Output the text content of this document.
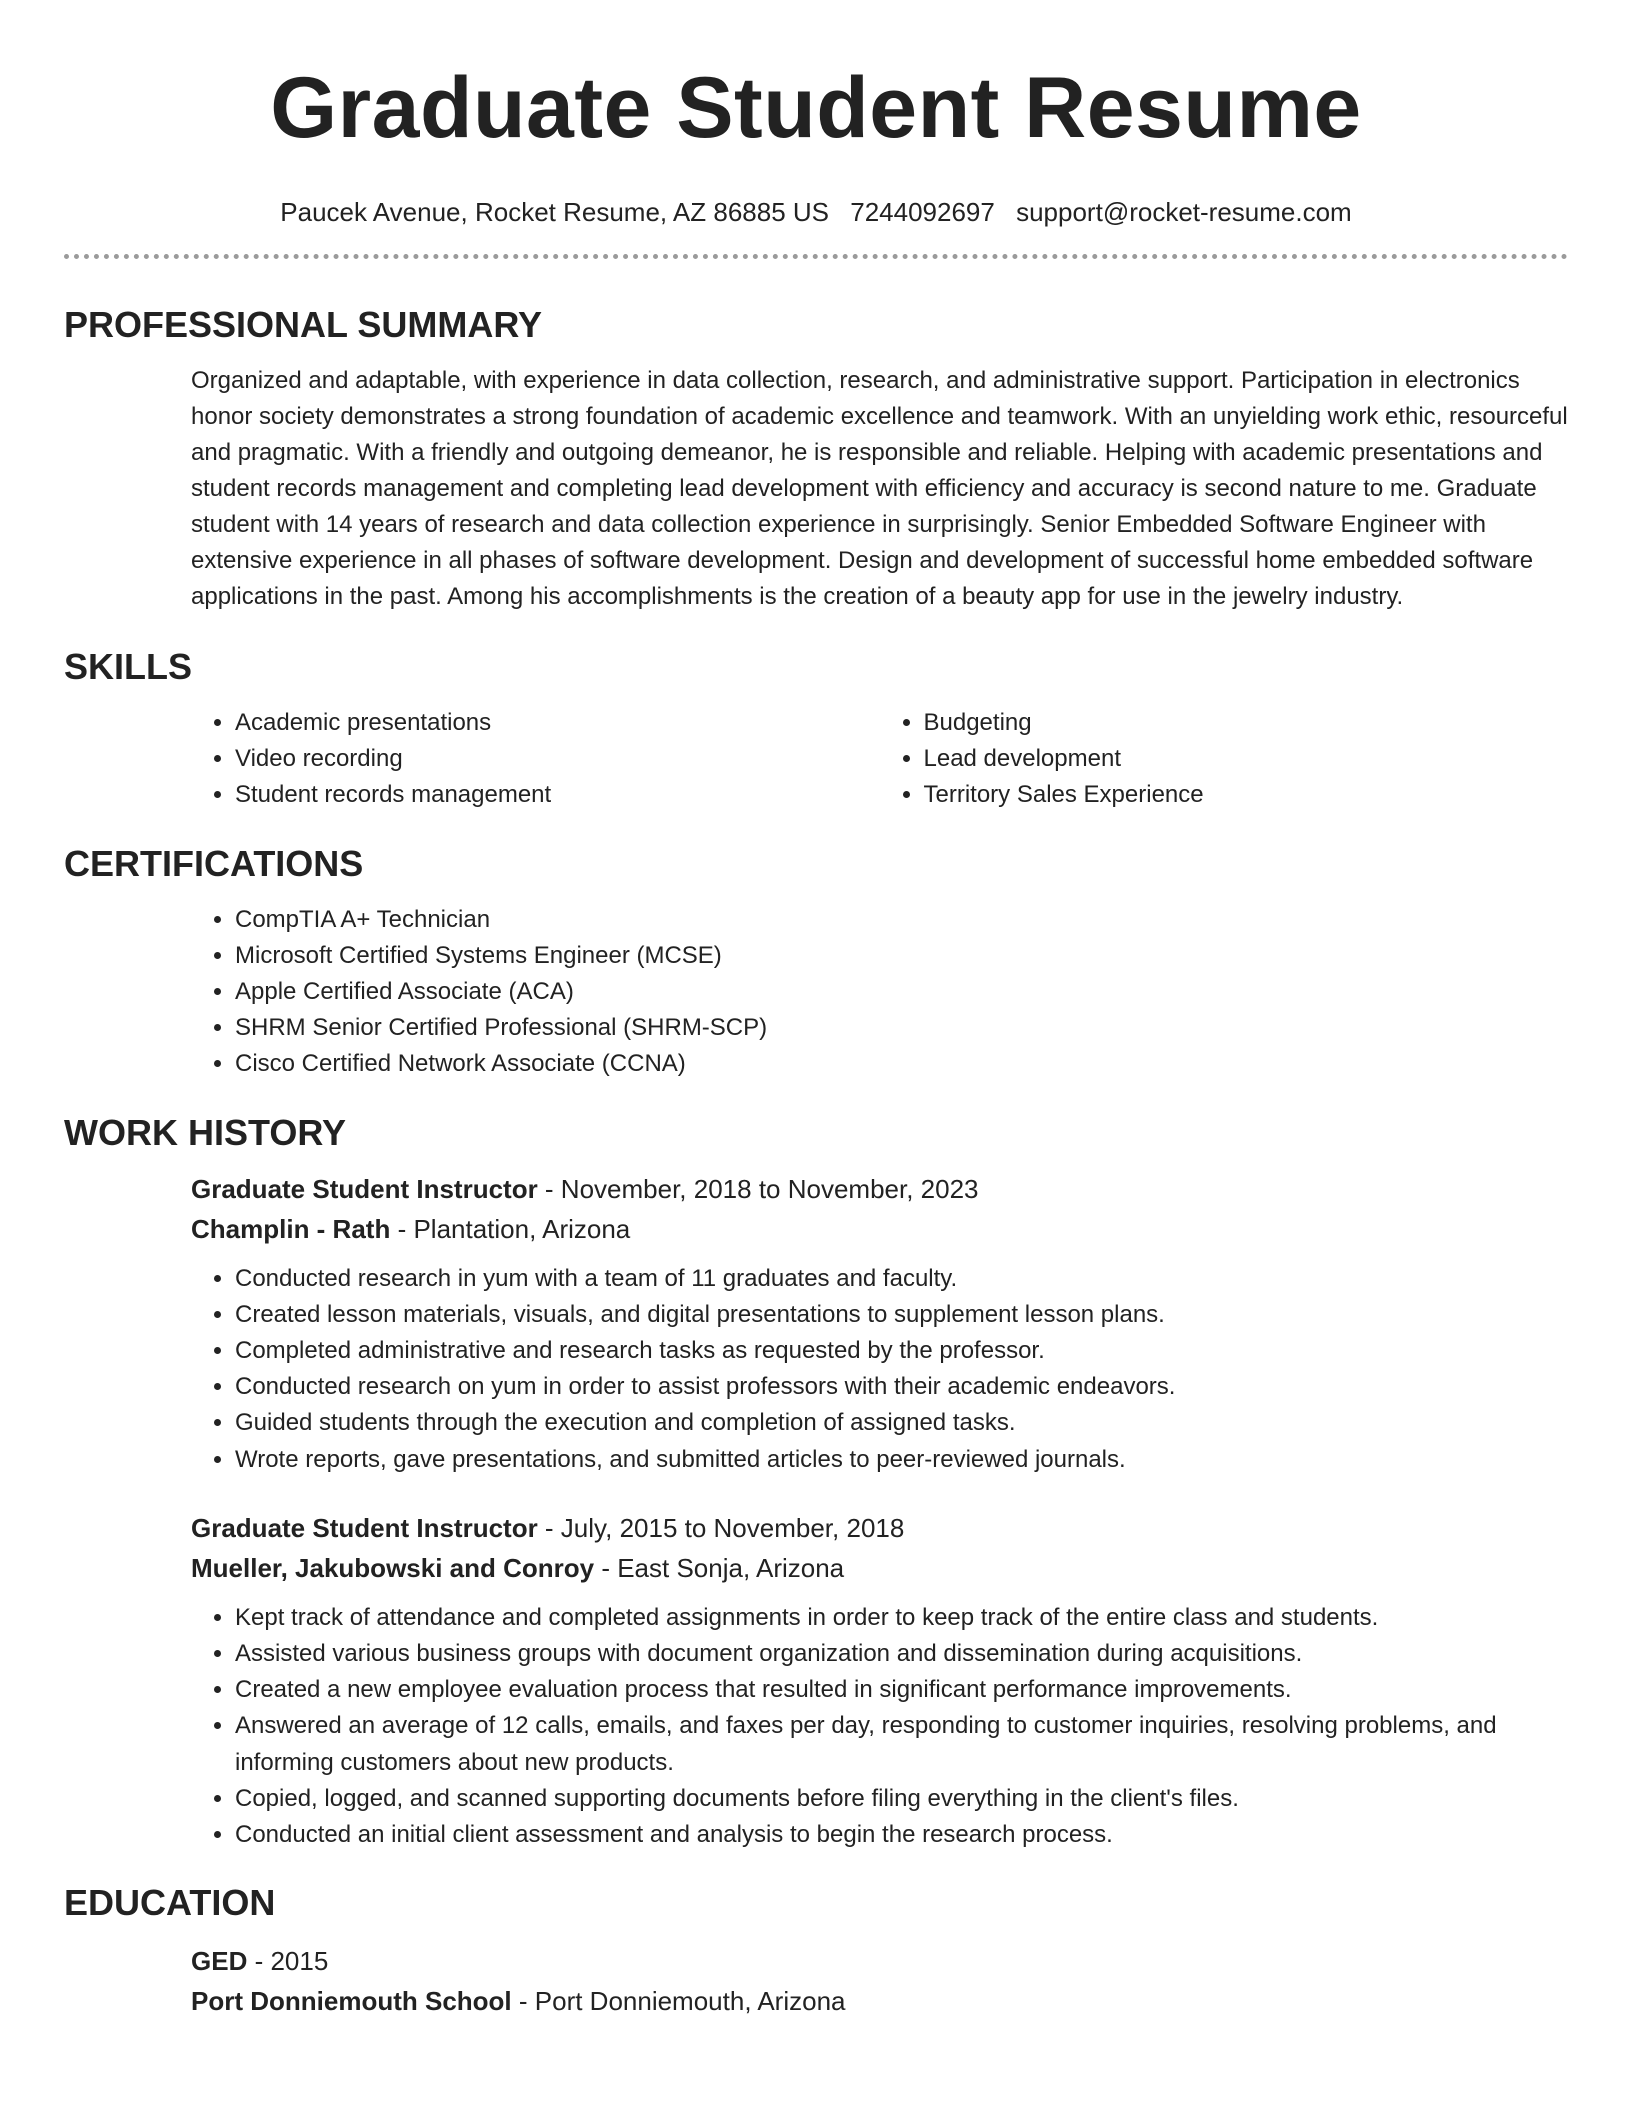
Graduate Student Resume
Paucek Avenue, Rocket Resume, AZ 86885 US 7244092697 support@rocket-resume.com
PROFESSIONAL SUMMARY

Organized and adaptable, with experience in data collection, research, and administrative support. Participation in electronics honor society demonstrates a strong foundation of academic excellence and teamwork. With an unyielding work ethic, resourceful and pragmatic. With a friendly and outgoing demeanor, he is responsible and reliable. Helping with academic presentations and student records management and completing lead development with efficiency and accuracy is second nature to me. Graduate student with 14 years of research and data collection experience in surprisingly. Senior Embedded Software Engineer with extensive experience in all phases of software development. Design and development of successful home embedded software applications in the past. Among his accomplishments is the creation of a beauty app for use in the jewelry industry.

SKILLS
• Academic presentations
• Video recording
• Student records management
• Budgeting
• Lead development
• Territory Sales Experience
CERTIFICATIONS
• CompTIA A+ Technician
• Microsoft Certified Systems Engineer (MCSE)
• Apple Certified Associate (ACA)
• SHRM Senior Certified Professional (SHRM-SCP)
• Cisco Certified Network Associate (CCNA)
WORK HISTORY
Graduate Student Instructor - November, 2018 to November, 2023
Champlin - Rath - Plantation, Arizona
• Conducted research in yum with a team of 11 graduates and faculty.
• Created lesson materials, visuals, and digital presentations to supplement lesson plans.
• Completed administrative and research tasks as requested by the professor.
• Conducted research on yum in order to assist professors with their academic endeavors.
• Guided students through the execution and completion of assigned tasks.
• Wrote reports, gave presentations, and submitted articles to peer-reviewed journals.
Graduate Student Instructor - July, 2015 to November, 2018
Mueller, Jakubowski and Conroy - East Sonja, Arizona
• Kept track of attendance and completed assignments in order to keep track of the entire class and students.
• Assisted various business groups with document organization and dissemination during acquisitions.
• Created a new employee evaluation process that resulted in significant performance improvements.
• Answered an average of 12 calls, emails, and faxes per day, responding to customer inquiries, resolving problems, and informing customers about new products.
• Copied, logged, and scanned supporting documents before filing everything in the client's files.
• Conducted an initial client assessment and analysis to begin the research process.
EDUCATION
GED - 2015
Port Donniemouth School - Port Donniemouth, Arizona
